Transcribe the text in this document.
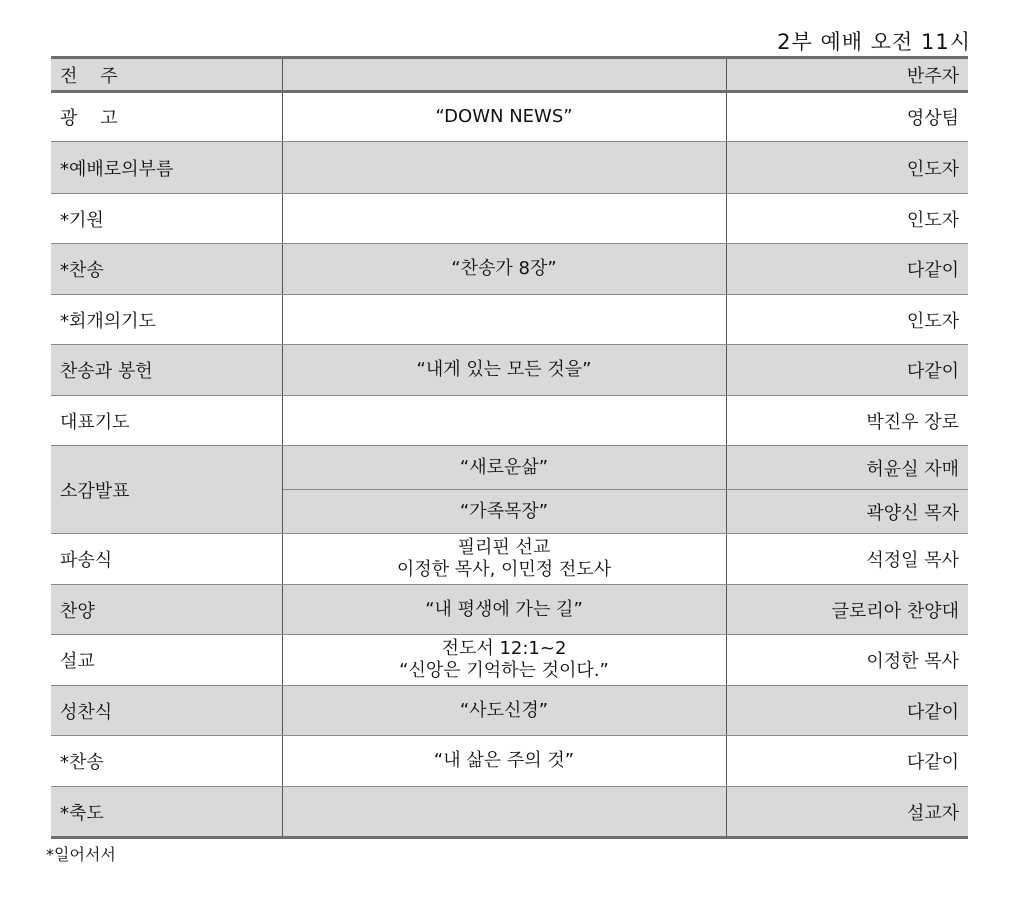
2부 예배 오전 11시
전    주		반주자
광    고	“DOWN NEWS”	영상팀
*예배로의부름		인도자
*기원		인도자
*찬송	“찬송가 8장”	다같이
*회개의기도		인도자
찬송과 봉헌	“내게 있는 모든 것을”	다같이
대표기도		박진우 장로
소감발표	“새로운삶”	허윤실 자매

	“가족목장”	곽양신 목자
파송식	필리핀 선교
이정한 목사, 이민정 전도사	석정일 목사
찬양	“내 평생에 가는 길”	글로리아 찬양대
설교	전도서 12:1~2
“신앙은 기억하는 것이다.”	이정한 목사
성찬식	“사도신경”	다같이
*찬송	“내 삶은 주의 것”	다같이
*축도		설교자
*일어서서
